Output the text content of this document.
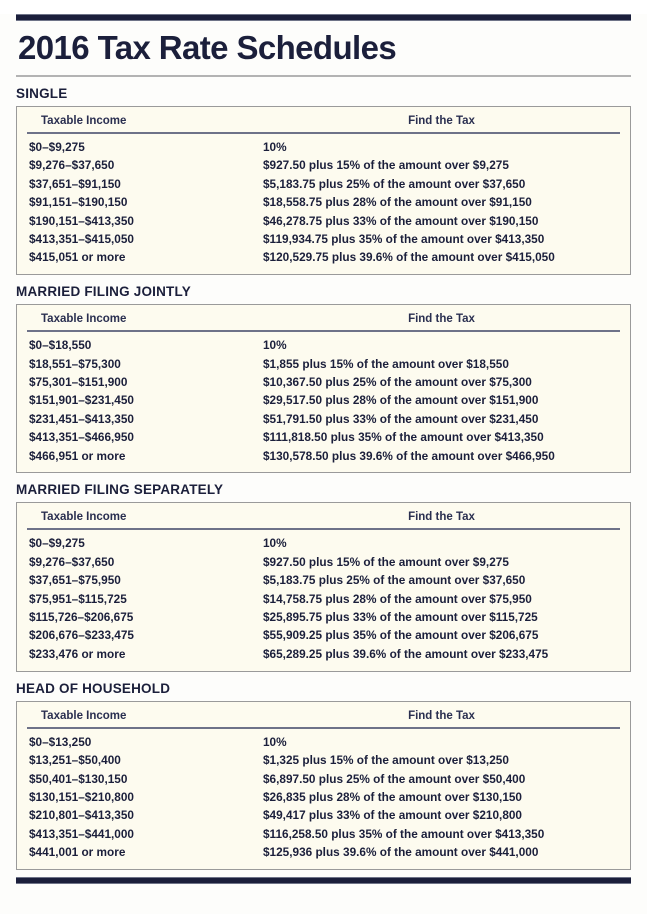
2016 Tax Rate Schedules
SINGLE
Taxable Income	Find the Tax
$0–$9,275	10%
$9,276–$37,650	$927.50 plus 15% of the amount over $9,275
$37,651–$91,150	$5,183.75 plus 25% of the amount over $37,650
$91,151–$190,150	$18,558.75 plus 28% of the amount over $91,150
$190,151–$413,350	$46,278.75 plus 33% of the amount over $190,150
$413,351–$415,050	$119,934.75 plus 35% of the amount over $413,350
$415,051 or more	$120,529.75 plus 39.6% of the amount over $415,050
MARRIED FILING JOINTLY
Taxable Income	Find the Tax
$0–$18,550	10%
$18,551–$75,300	$1,855 plus 15% of the amount over $18,550
$75,301–$151,900	$10,367.50 plus 25% of the amount over $75,300
$151,901–$231,450	$29,517.50 plus 28% of the amount over $151,900
$231,451–$413,350	$51,791.50 plus 33% of the amount over $231,450
$413,351–$466,950	$111,818.50 plus 35% of the amount over $413,350
$466,951 or more	$130,578.50 plus 39.6% of the amount over $466,950
MARRIED FILING SEPARATELY
Taxable Income	Find the Tax
$0–$9,275	10%
$9,276–$37,650	$927.50 plus 15% of the amount over $9,275
$37,651–$75,950	$5,183.75 plus 25% of the amount over $37,650
$75,951–$115,725	$14,758.75 plus 28% of the amount over $75,950
$115,726–$206,675	$25,895.75 plus 33% of the amount over $115,725
$206,676–$233,475	$55,909.25 plus 35% of the amount over $206,675
$233,476 or more	$65,289.25 plus 39.6% of the amount over $233,475
HEAD OF HOUSEHOLD
Taxable Income	Find the Tax
$0–$13,250	10%
$13,251–$50,400	$1,325 plus 15% of the amount over $13,250
$50,401–$130,150	$6,897.50 plus 25% of the amount over $50,400
$130,151–$210,800	$26,835 plus 28% of the amount over $130,150
$210,801–$413,350	$49,417 plus 33% of the amount over $210,800
$413,351–$441,000	$116,258.50 plus 35% of the amount over $413,350
$441,001 or more	$125,936 plus 39.6% of the amount over $441,000
